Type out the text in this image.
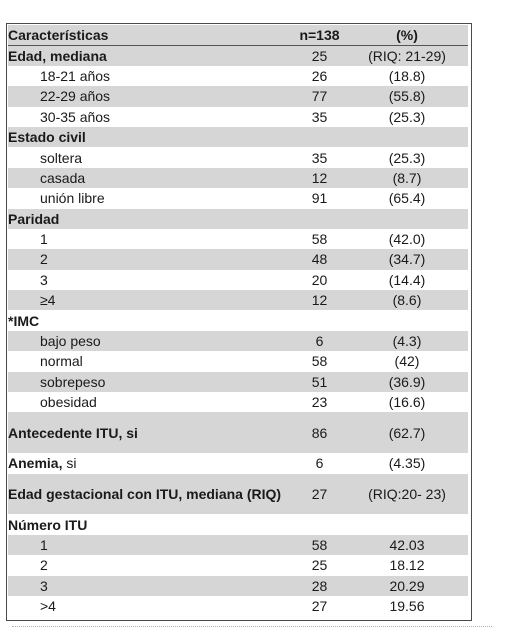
Características	n=138	(%)
Edad, mediana	25	(RIQ: 21-29)
18-21 años	26	(18.8)
22-29 años	77	(55.8)
30-35 años	35	(25.3)
Estado civil		
soltera	35	(25.3)
casada	12	(8.7)
unión libre	91	(65.4)
Paridad		
1	58	(42.0)
2	48	(34.7)
3	20	(14.4)
≥4	12	(8.6)
*IMC		
bajo peso	6	(4.3)
normal	58	(42)
sobrepeso	51	(36.9)
obesidad	23	(16.6)
Antecedente ITU, si	86	(62.7)
Anemia, si	6	(4.35)
Edad gestacional con ITU, mediana (RIQ)	27	(RIQ:20- 23)
Número ITU		
1	58	42.03
2	25	18.12
3	28	20.29
>4	27	19.56
